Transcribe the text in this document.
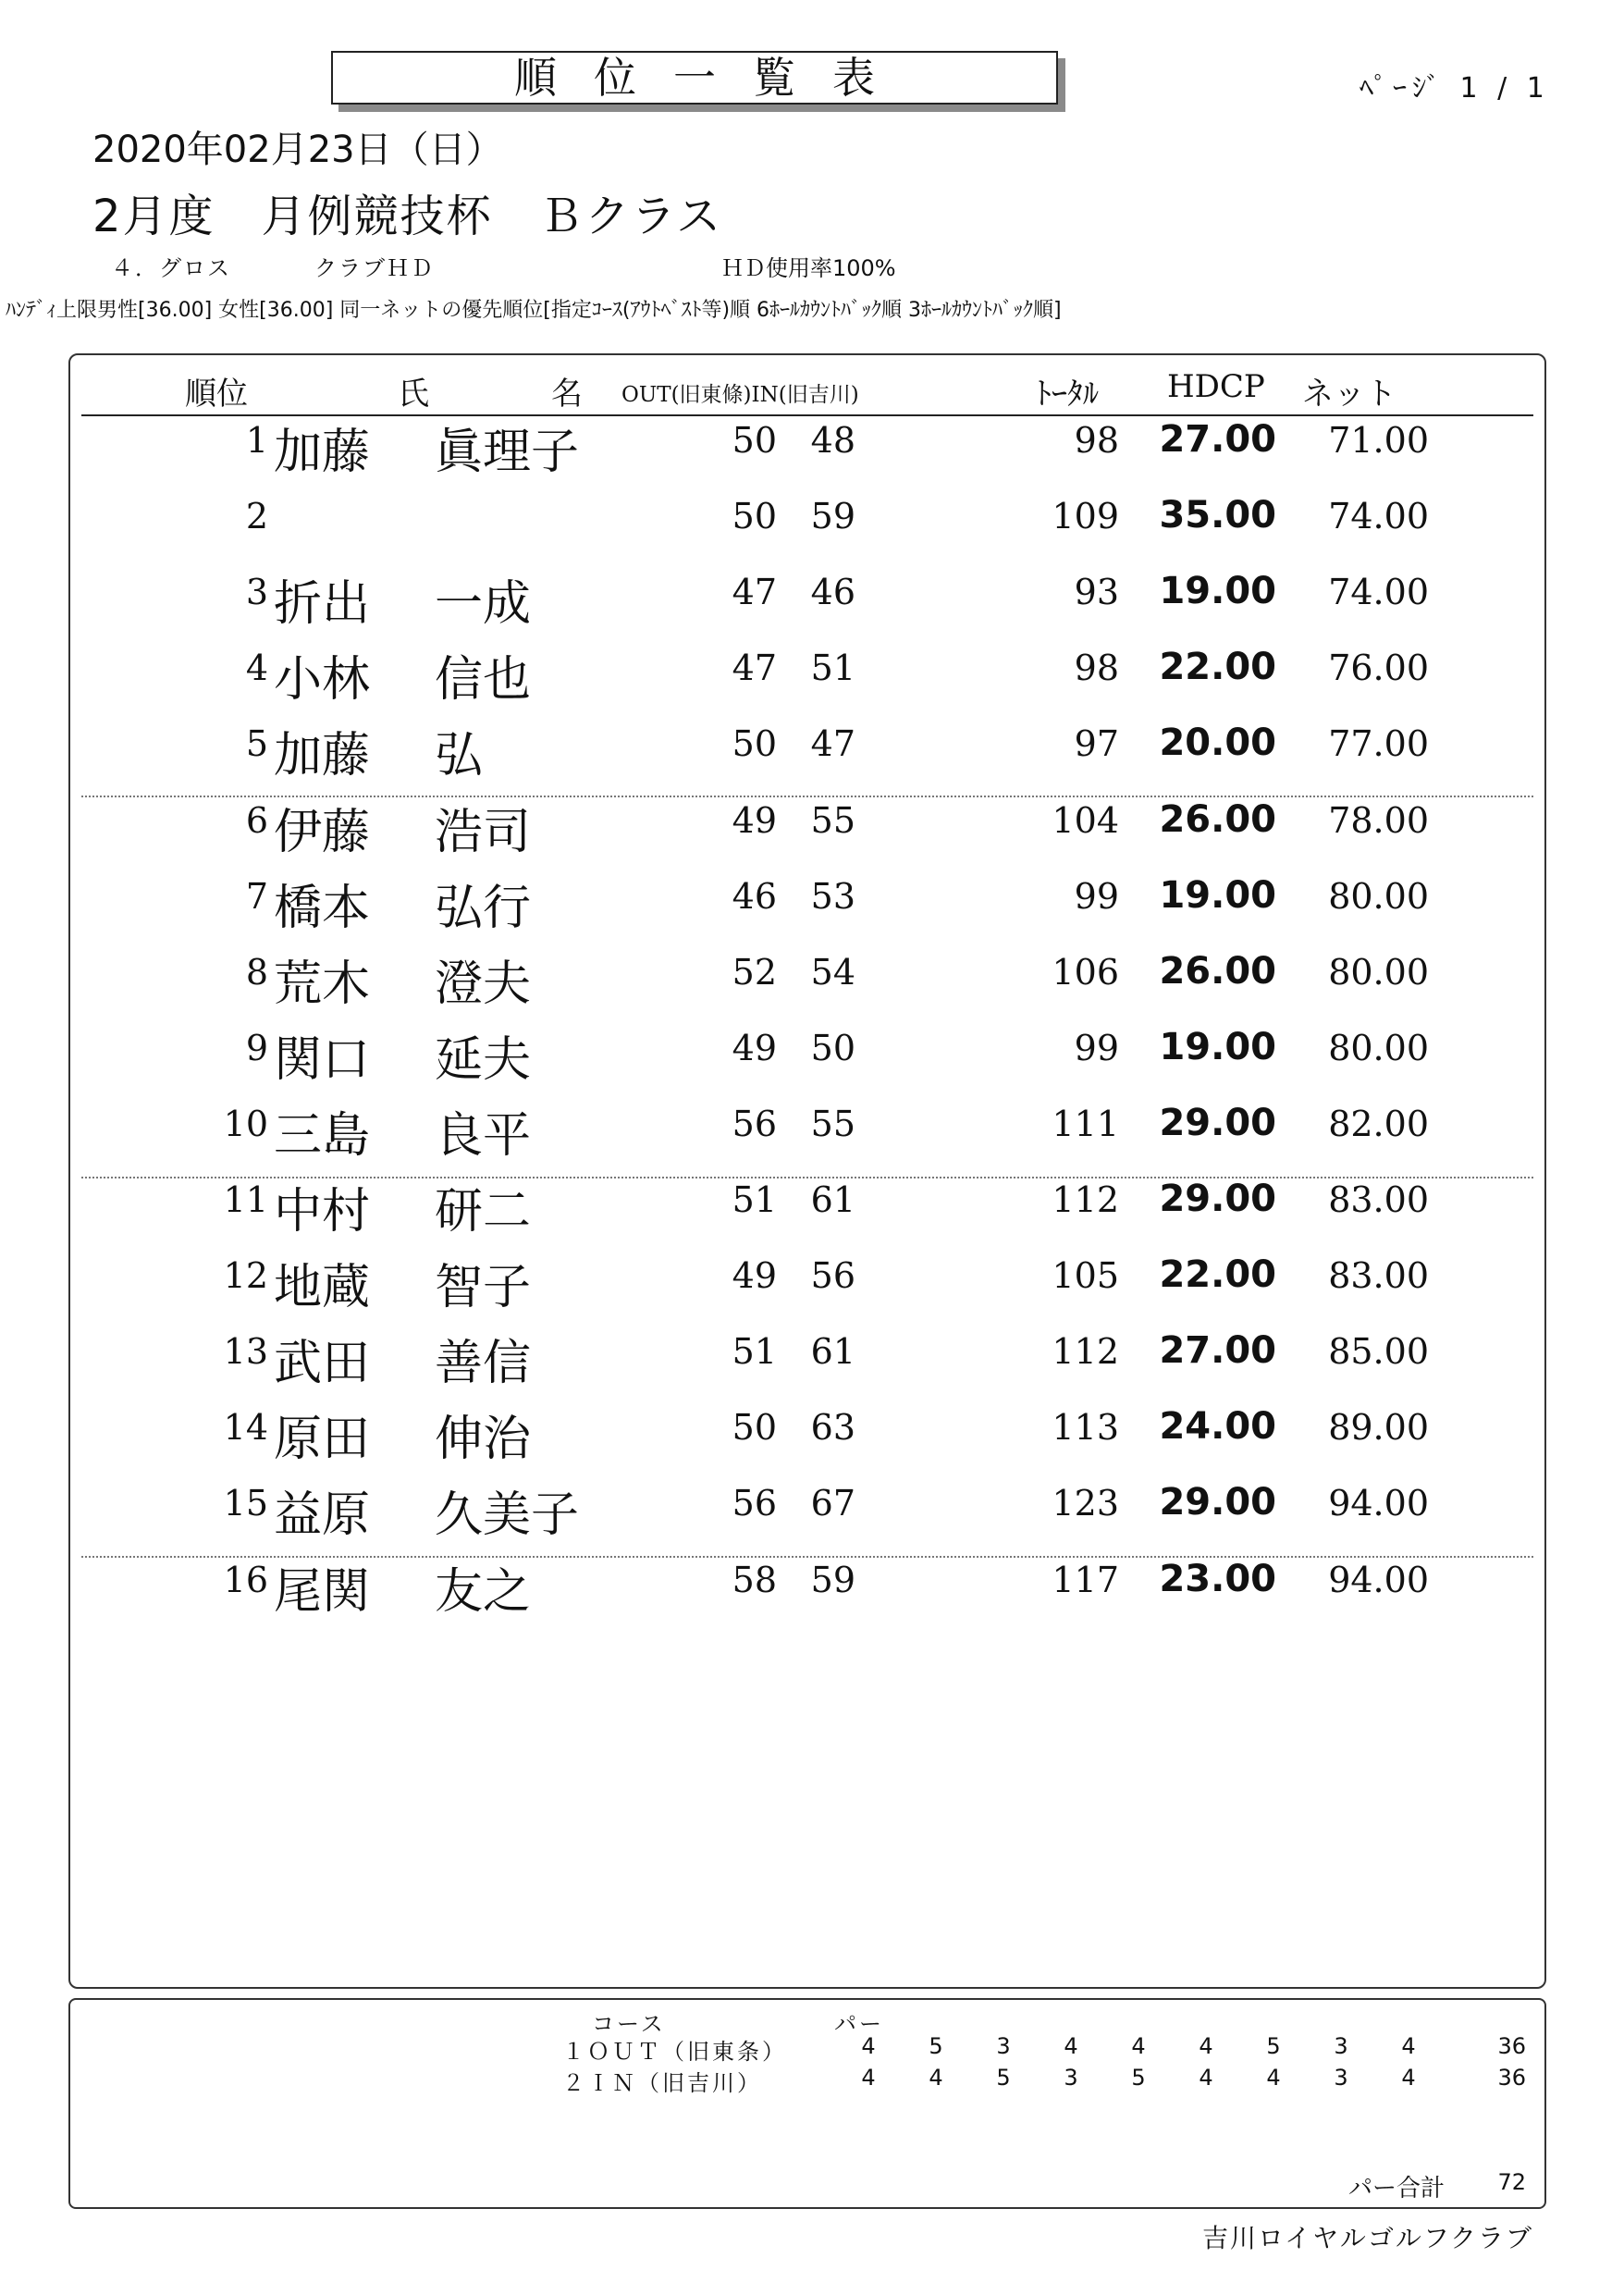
順位一覧表	ﾍﾟｰｼﾞ 1 / 1
2020年02月23日（日）
2月度　月例競技杯　Ｂクラス
４．グロス	クラブＨＤ	ＨＤ使用率100%
ﾊﾝﾃﾞｨ上限男性[36.00] 女性[36.00] 同一ネットの優先順位[指定ｺｰｽ(ｱｳﾄﾍﾞｽﾄ等)順 6ﾎｰﾙｶｳﾝﾄﾊﾞｯｸ順 3ﾎｰﾙｶｳﾝﾄﾊﾞｯｸ順]
順位	氏	名 OUT(旧東條)IN(旧吉川)	ﾄｰﾀﾙ HDCP ネット
1 加藤 眞理子	50 48	98	27.00	71.00
2	50 59	109	35.00	74.00
3 折出 一成	47 46	93	19.00	74.00
4 小林 信也	47 51	98	22.00	76.00
5 加藤 弘	50 47	97	20.00	77.00
6 伊藤 浩司	49 55	104	26.00	78.00
7 橋本 弘行	46 53	99	19.00	80.00
8 荒木 澄夫	52 54	106	26.00	80.00
9 関口 延夫	49 50	99	19.00	80.00
10 三島 良平	56 55	111	29.00	82.00
11 中村 研二	51 61	112	29.00	83.00
12 地蔵 智子	49 56	105	22.00	83.00
13 武田 善信	51 61	112	27.00	85.00
14 原田 伸治	50 63	113	24.00	89.00
15 益原 久美子	56 67	123	29.00	94.00
16 尾関 友之	58 59	117	23.00	94.00
コース	パー
１ＯＵＴ（旧東条）	4	5	3	4	4	4	5	3	4	36
２ＩＮ（旧吉川）	4	4	5	3	5	4	4	3	4	36
パー合計	72
吉川ロイヤルゴルフクラブ
